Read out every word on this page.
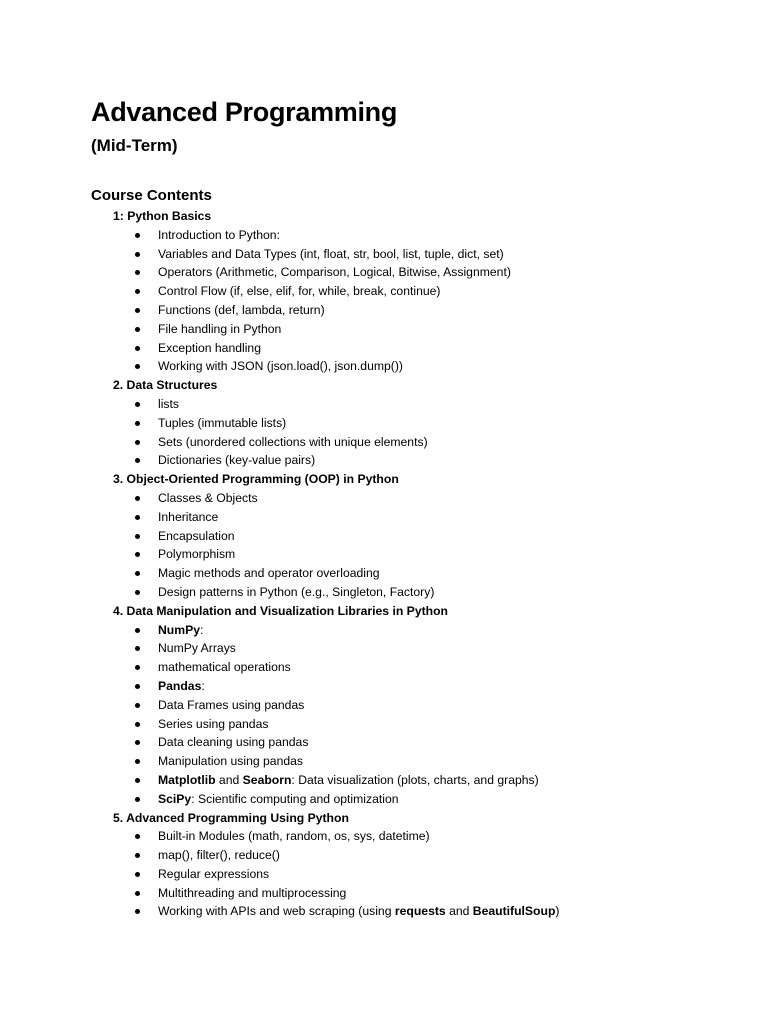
Advanced Programming
(Mid-Term)
Course Contents
1: Python Basics
Introduction to Python:
Variables and Data Types (int, float, str, bool, list, tuple, dict, set)
Operators (Arithmetic, Comparison, Logical, Bitwise, Assignment)
Control Flow (if, else, elif, for, while, break, continue)
Functions (def, lambda, return)
File handling in Python
Exception handling
Working with JSON (json.load(), json.dump())
2. Data Structures
lists
Tuples (immutable lists)
Sets (unordered collections with unique elements)
Dictionaries (key-value pairs)
3. Object-Oriented Programming (OOP) in Python
Classes & Objects
Inheritance
Encapsulation
Polymorphism
Magic methods and operator overloading
Design patterns in Python (e.g., Singleton, Factory)
4. Data Manipulation and Visualization Libraries in Python
NumPy:
NumPy Arrays
mathematical operations
Pandas:
Data Frames using pandas
Series using pandas
Data cleaning using pandas
Manipulation using pandas
Matplotlib and Seaborn: Data visualization (plots, charts, and graphs)
SciPy: Scientific computing and optimization
5. Advanced Programming Using Python
Built-in Modules (math, random, os, sys, datetime)
map(), filter(), reduce()
Regular expressions
Multithreading and multiprocessing
Working with APIs and web scraping (using requests and BeautifulSoup)
